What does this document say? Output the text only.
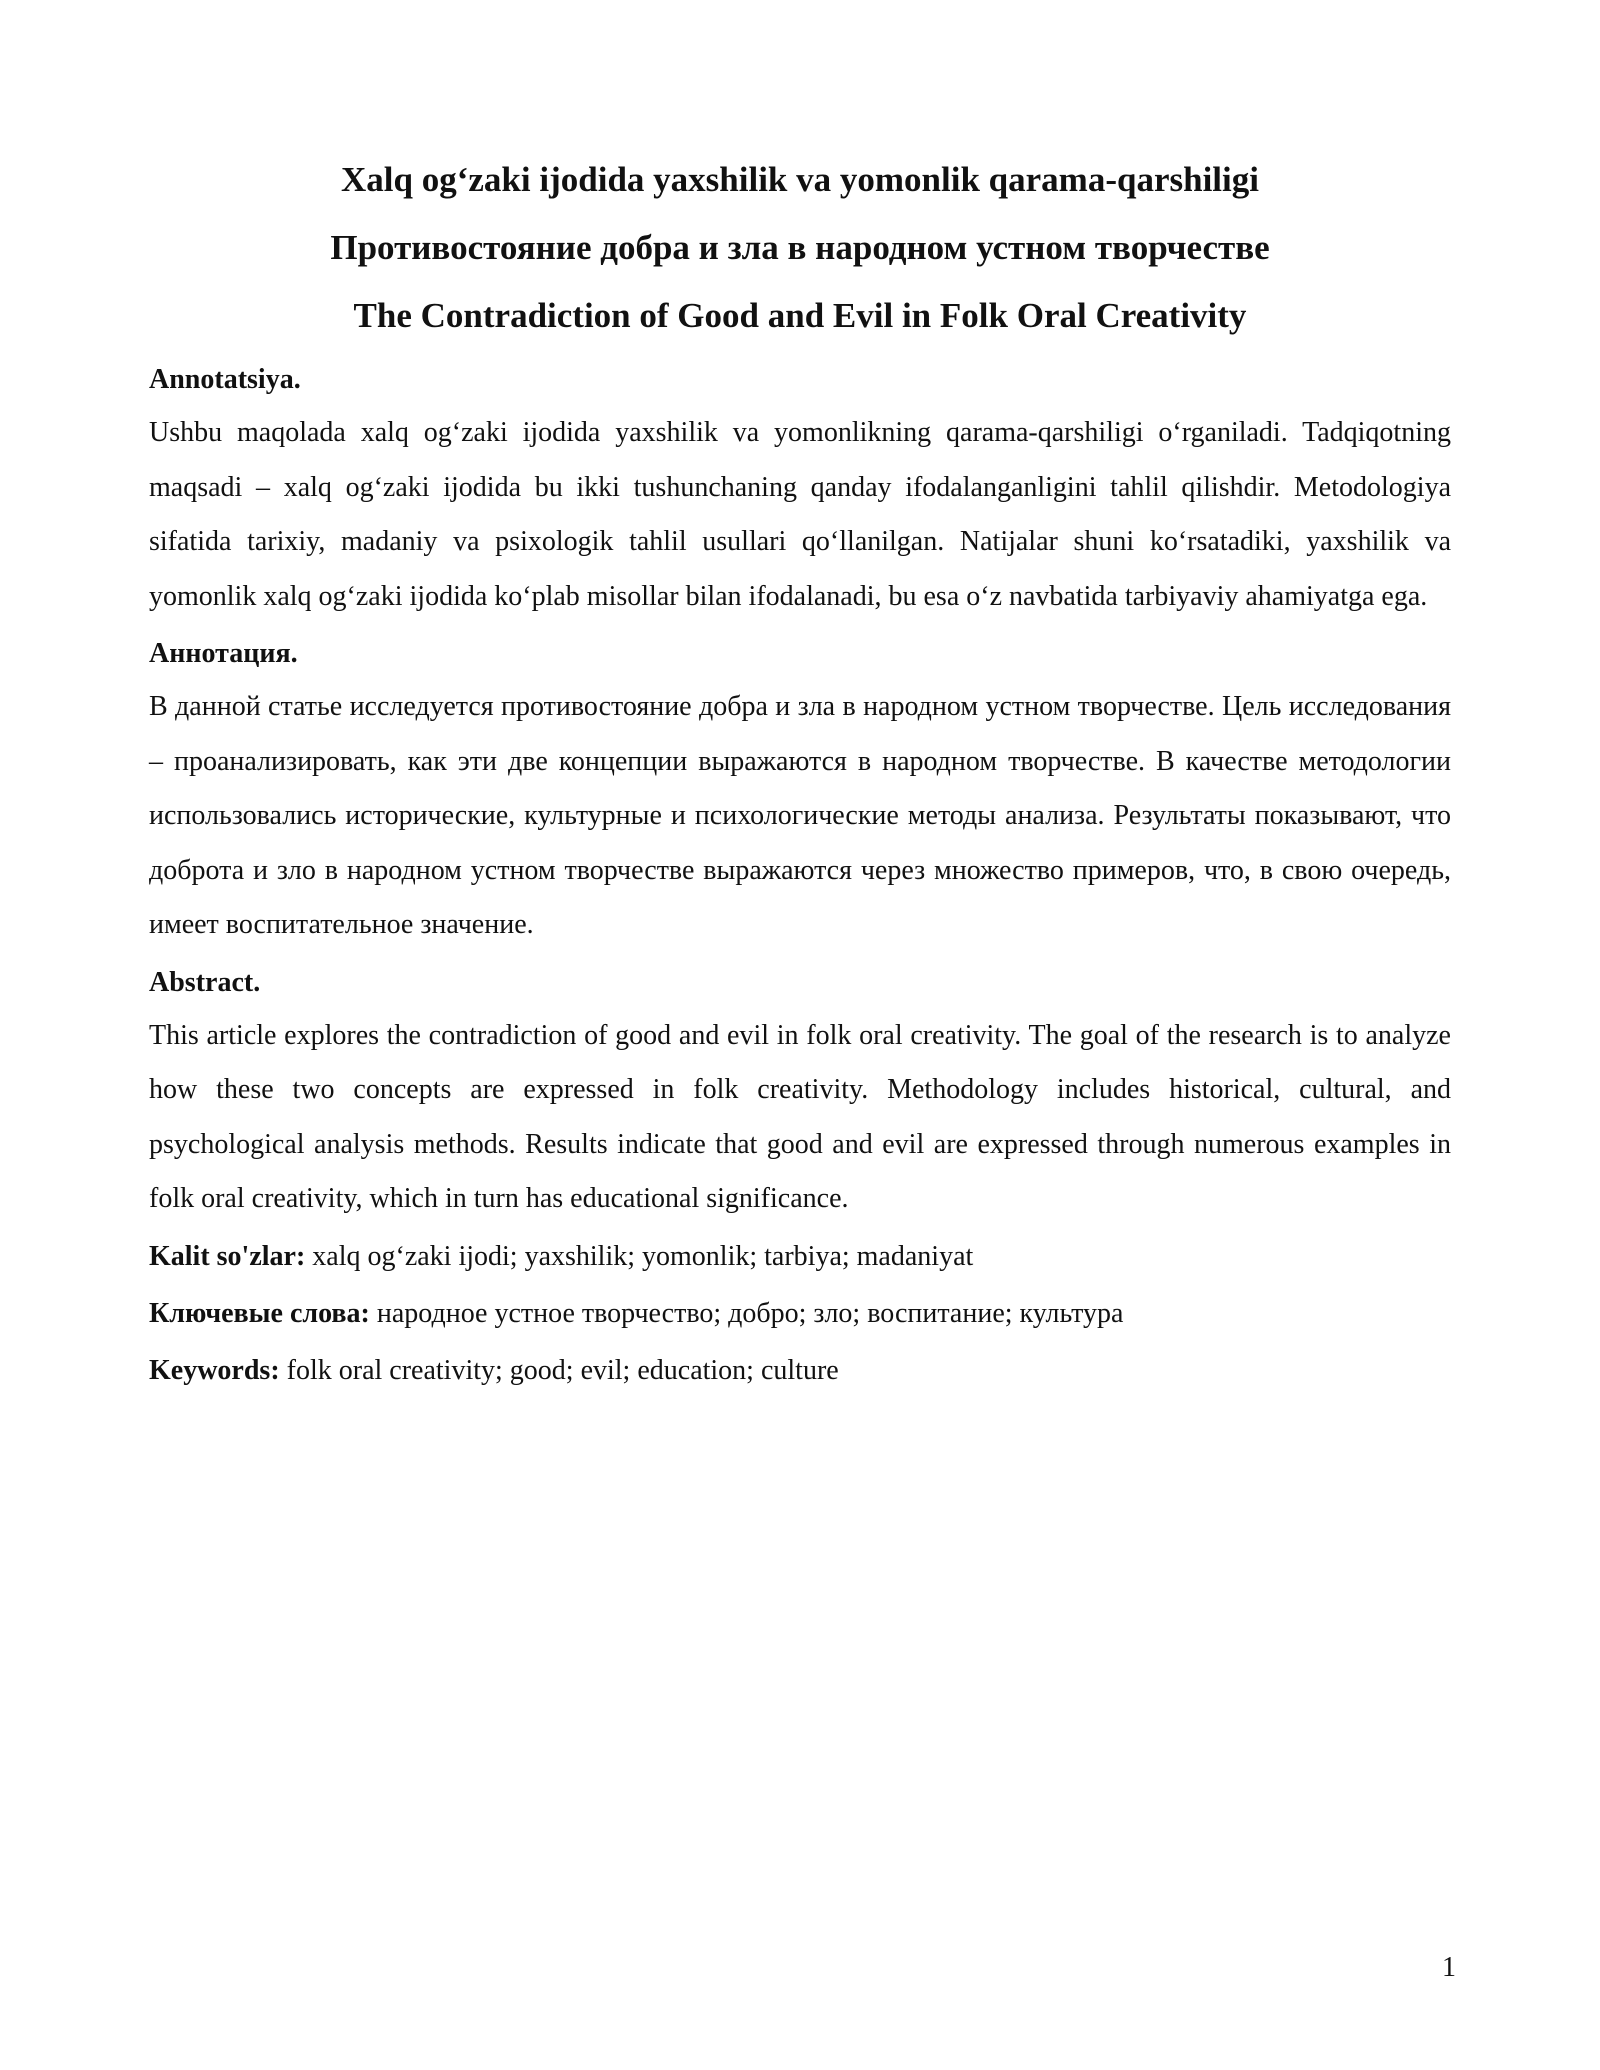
Xalq og‘zaki ijodida yaxshilik va yomonlik qarama-qarshiligi
Противостояние добра и зла в народном устном творчестве
The Contradiction of Good and Evil in Folk Oral Creativity
Annotatsiya.

Ushbu maqolada xalq og‘zaki ijodida yaxshilik va yomonlikning qarama-qarshiligi o‘rganiladi. Tadqiqotning maqsadi – xalq og‘zaki ijodida bu ikki tushunchaning qanday ifodalanganligini tahlil qilishdir. Metodologiya sifatida tarixiy, madaniy va psixologik tahlil usullari qo‘llanilgan. Natijalar shuni ko‘rsatadiki, yaxshilik va yomonlik xalq og‘zaki ijodida ko‘plab misollar bilan ifodalanadi, bu esa o‘z navbatida tarbiyaviy ahamiyatga ega.

Аннотация.

В данной статье исследуется противостояние добра и зла в народном устном творчестве. Цель исследования – проанализировать, как эти две концепции выражаются в народном творчестве. В качестве методологии использовались исторические, культурные и психологические методы анализа. Результаты показывают, что доброта и зло в народном устном творчестве выражаются через множество примеров, что, в свою очередь, имеет воспитательное значение.

Abstract.

This article explores the contradiction of good and evil in folk oral creativity. The goal of the research is to analyze how these two concepts are expressed in folk creativity. Methodology includes historical, cultural, and psychological analysis methods. Results indicate that good and evil are expressed through numerous examples in folk oral creativity, which in turn has educational significance.

Kalit so'zlar: xalq og‘zaki ijodi; yaxshilik; yomonlik; tarbiya; madaniyat
Ключевые слова: народное устное творчество; добро; зло; воспитание; культура
Keywords: folk oral creativity; good; evil; education; culture
1
